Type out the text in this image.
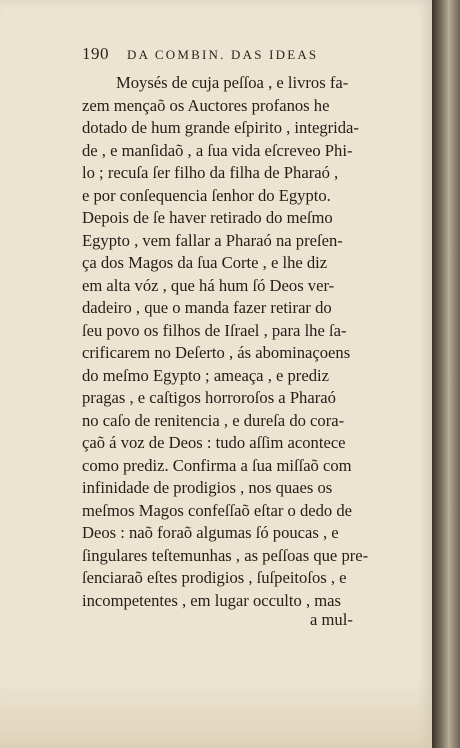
190 DA COMBIN. DAS IDEAS
Moysés de cuja peſſoa , e livros fa-
zem mençaõ os Auctores profanos he
dotado de hum grande eſpirito , integrida-
de , e manſidaõ , a ſua vida eſcreveo Phi-
lo ; recuſa ſer filho da filha de Pharaó ,
e por conſequencia ſenhor do Egypto.
Depois de ſe haver retirado do meſmo
Egypto , vem fallar a Pharaó na preſen-
ça dos Magos da ſua Corte , e lhe diz
em alta vóz , que há hum ſó Deos ver-
dadeiro , que o manda fazer retirar do
ſeu povo os filhos de Iſrael , para lhe ſa-
crificarem no Deſerto , ás abominaçoens
do meſmo Egypto ; ameaça , e prediz
pragas , e caſtigos horroroſos a Pharaó
no caſo de renitencia , e dureſa do cora-
çaõ á voz de Deos : tudo aſſim acontece
como prediz. Confirma a ſua miſſaõ com
infinidade de prodigios , nos quaes os
meſmos Magos confeſſaõ eſtar o dedo de
Deos : naõ foraõ algumas ſó poucas , e
ſingulares teſtemunhas , as peſſoas que pre-
ſenciaraõ eſtes prodigios , ſuſpeitoſos , e
incompetentes , em lugar occulto , mas
a mul-
